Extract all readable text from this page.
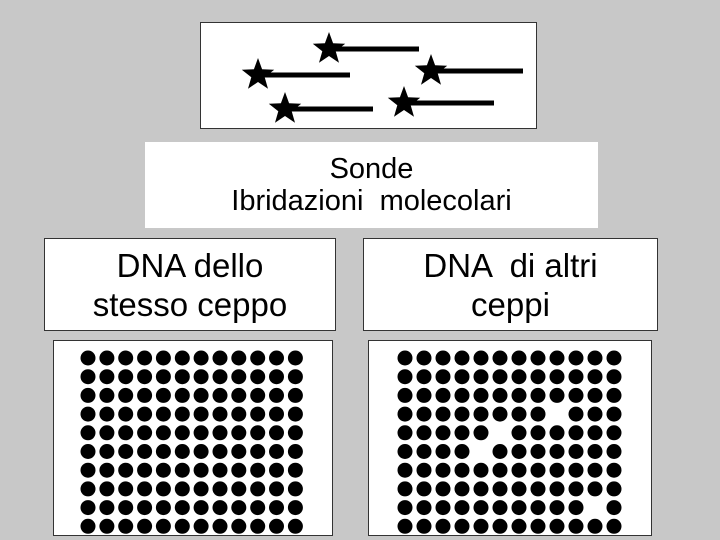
Sonde
Ibridazioni  molecolari
DNA dello
stesso ceppo
DNA  di altri
ceppi
